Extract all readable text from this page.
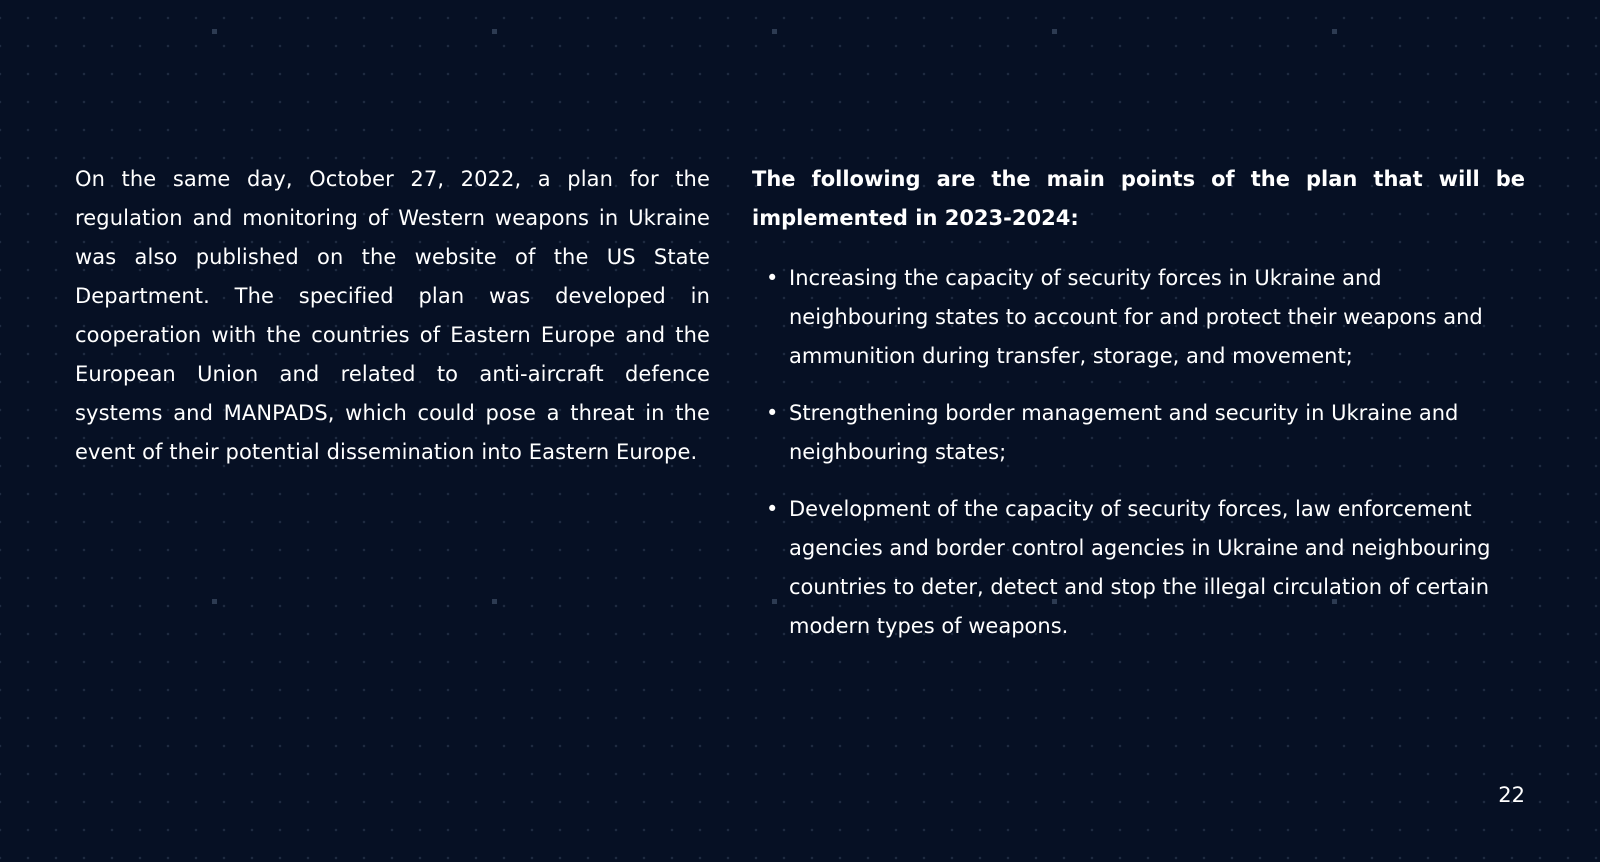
On the same day, October 27, 2022, a plan for the regulation and monitoring of Western weapons in Ukraine was also published on the website of the US State Department. The specified plan was developed in cooperation with the countries of Eastern Europe and the European Union and related to anti-aircraft defence systems and MANPADS, which could pose a threat in the event of their potential dissemination into Eastern Europe.

The following are the main points of the plan that will be implemented in 2023-2024:

• Increasing the capacity of security forces in Ukraine and neighbouring states to account for and protect their weapons and ammunition during transfer, storage, and movement;
• Strengthening border management and security in Ukraine and neighbouring states;
• Development of the capacity of security forces, law enforcement agencies and border control agencies in Ukraine and neighbouring countries to deter, detect and stop the illegal circulation of certain modern types of weapons.
22
